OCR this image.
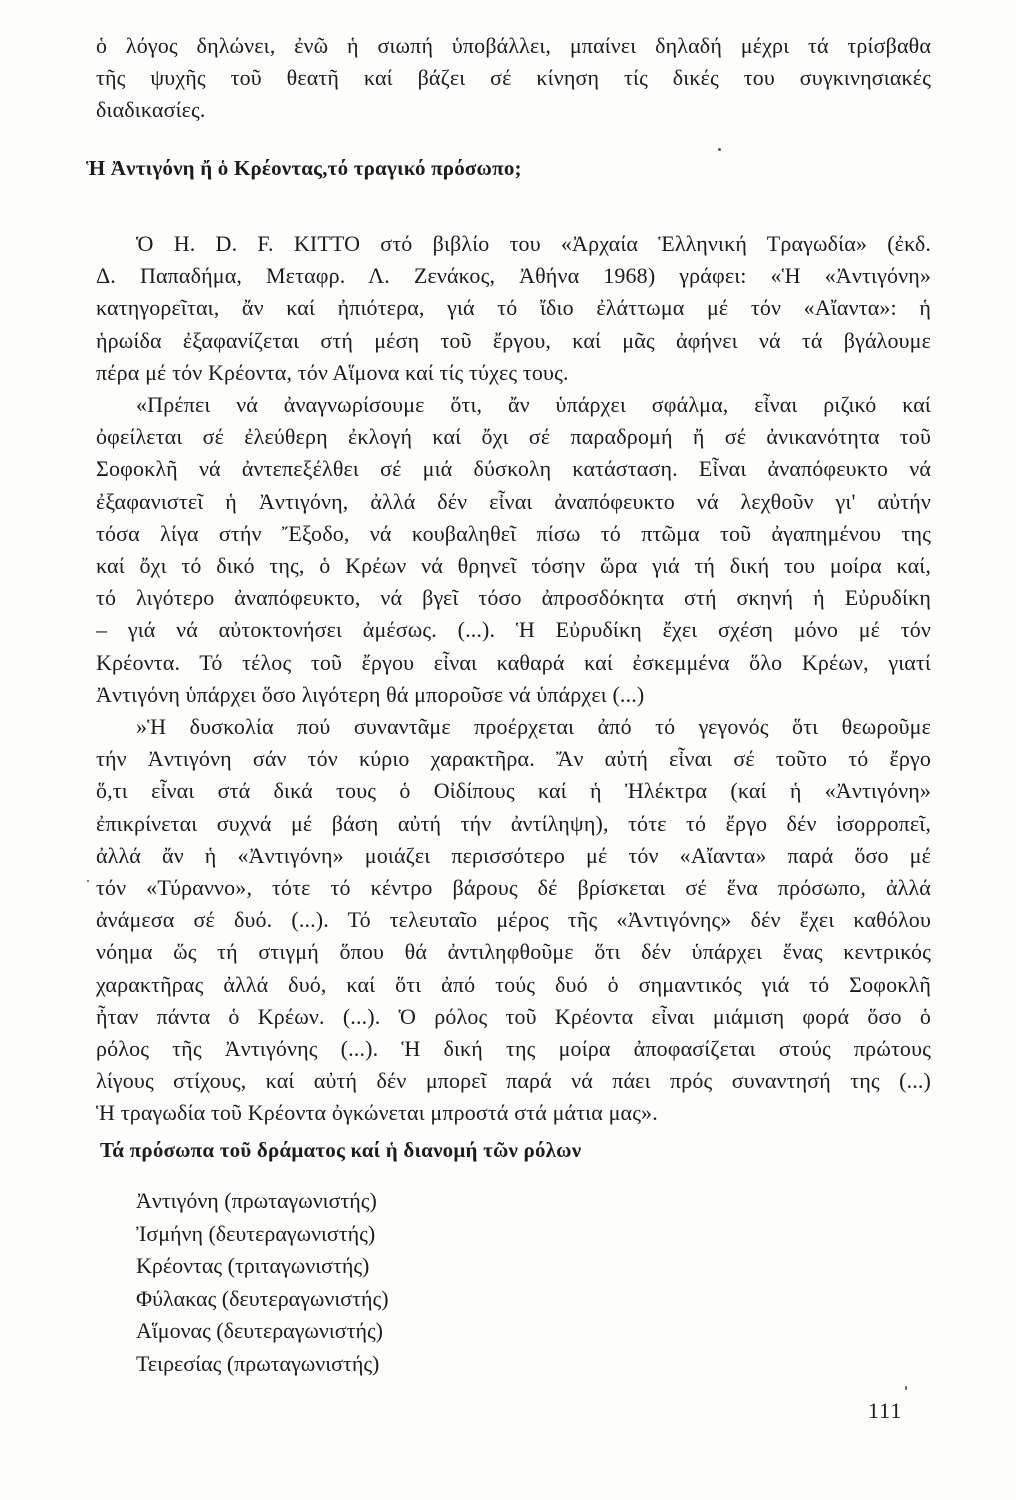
ὁ λόγος δηλώνει, ἐνῶ ἡ σιωπή ὑποβάλλει, μπαίνει δηλαδή μέχρι τά τρίσβαθα
τῆς ψυχῆς τοῦ θεατῆ καί βάζει σέ κίνηση τίς δικές του συγκινησιακές
διαδικασίες.
Ἡ Ἀντιγόνη ἤ ὁ Κρέοντας,τό τραγικό πρόσωπο;
Ὁ H. D. F. KITTO στό βιβλίο του «Ἀρχαία Ἑλληνική Τραγωδία» (ἐκδ.
Δ. Παπαδήμα, Μεταφρ. Λ. Ζενάκος, Ἀθήνα 1968) γράφει: «Ἡ «Ἀντιγόνη»
κατηγορεῖται, ἄν καί ἠπιότερα, γιά τό ἴδιο ἐλάττωμα μέ τόν «Αἴαντα»: ἡ
ἡρωίδα ἐξαφανίζεται στή μέση τοῦ ἔργου, καί μᾶς ἀφήνει νά τά βγάλουμε
πέρα μέ τόν Κρέοντα, τόν Αἵμονα καί τίς τύχες τους.
«Πρέπει νά ἀναγνωρίσουμε ὅτι, ἄν ὑπάρχει σφάλμα, εἶναι ριζικό καί
ὀφείλεται σέ ἐλεύθερη ἐκλογή καί ὄχι σέ παραδρομή ἤ σέ ἀνικανότητα τοῦ
Σοφοκλῆ νά ἀντεπεξέλθει σέ μιά δύσκολη κατάσταση. Εἶναι ἀναπόφευκτο νά
ἐξαφανιστεῖ ἡ Ἀντιγόνη, ἀλλά δέν εἶναι ἀναπόφευκτο νά λεχθοῦν γι' αὐτήν
τόσα λίγα στήν Ἔξοδο, νά κουβαληθεῖ πίσω τό πτῶμα τοῦ ἀγαπημένου της
καί ὄχι τό δικό της, ὁ Κρέων νά θρηνεῖ τόσην ὥρα γιά τή δική του μοίρα καί,
τό λιγότερο ἀναπόφευκτο, νά βγεῖ τόσο ἀπροσδόκητα στή σκηνή ἡ Εὐρυδίκη
– γιά νά αὐτοκτονήσει ἀμέσως. (...). Ἡ Εὐρυδίκη ἔχει σχέση μόνο μέ τόν
Κρέοντα. Τό τέλος τοῦ ἔργου εἶναι καθαρά καί ἐσκεμμένα ὅλο Κρέων, γιατί
Ἀντιγόνη ὑπάρχει ὅσο λιγότερη θά μποροῦσε νά ὑπάρχει (...)
»Ἡ δυσκολία πού συναντᾶμε προέρχεται ἀπό τό γεγονός ὅτι θεωροῦμε
τήν Ἀντιγόνη σάν τόν κύριο χαρακτῆρα. Ἄν αὐτή εἶναι σέ τοῦτο τό ἔργο
ὅ,τι εἶναι στά δικά τους ὁ Οἰδίπους καί ἡ Ἠλέκτρα (καί ἡ «Ἀντιγόνη»
ἐπικρίνεται συχνά μέ βάση αὐτή τήν ἀντίληψη), τότε τό ἔργο δέν ἰσορροπεῖ,
ἀλλά ἄν ἡ «Ἀντιγόνη» μοιάζει περισσότερο μέ τόν «Αἴαντα» παρά ὅσο μέ
τόν «Τύραννο», τότε τό κέντρο βάρους δέ βρίσκεται σέ ἕνα πρόσωπο, ἀλλά
ἀνάμεσα σέ δυό. (...). Τό τελευταῖο μέρος τῆς «Ἀντιγόνης» δέν ἔχει καθόλου
νόημα ὥς τή στιγμή ὅπου θά ἀντιληφθοῦμε ὅτι δέν ὑπάρχει ἕνας κεντρικός
χαρακτῆρας ἀλλά δυό, καί ὅτι ἀπό τούς δυό ὁ σημαντικός γιά τό Σοφοκλῆ
ἦταν πάντα ὁ Κρέων. (...). Ὁ ρόλος τοῦ Κρέοντα εἶναι μιάμιση φορά ὅσο ὁ
ρόλος τῆς Ἀντιγόνης (...). Ἡ δική της μοίρα ἀποφασίζεται στούς πρώτους
λίγους στίχους, καί αὐτή δέν μπορεῖ παρά νά πάει πρός συναντησή της (...)
Ἡ τραγωδία τοῦ Κρέοντα ὀγκώνεται μπροστά στά μάτια μας».
Τά πρόσωπα τοῦ δράματος καί ἡ διανομή τῶν ρόλων
Ἀντιγόνη (πρωταγωνιστής)
Ἰσμήνη (δευτεραγωνιστής)
Κρέοντας (τριταγωνιστής)
Φύλακας (δευτεραγωνιστής)
Αἵμονας (δευτεραγωνιστής)
Τειρεσίας (πρωταγωνιστής)
111
